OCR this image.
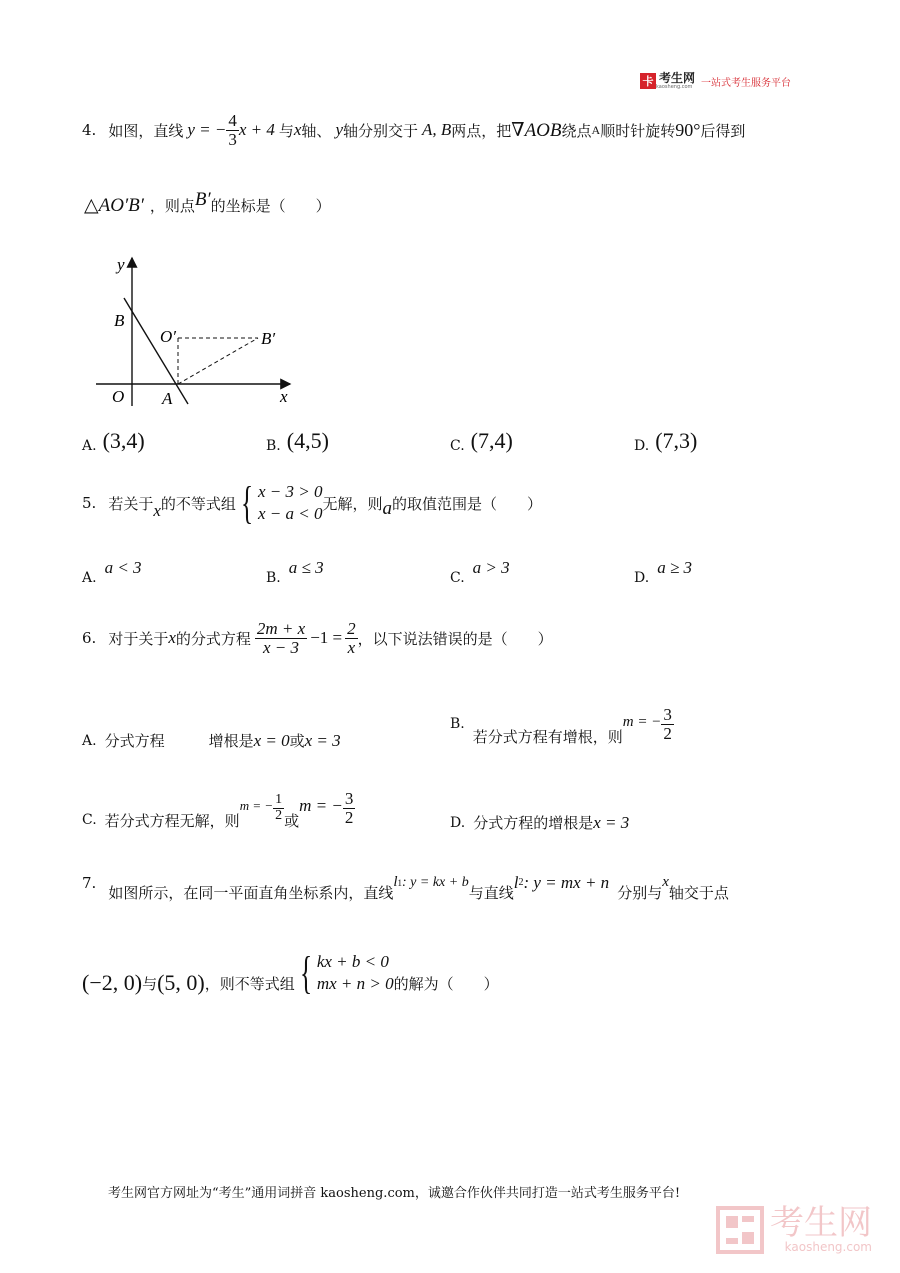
卡 考生网
kaosheng.com 一站式考生服务平台
4. 如图，直线 y = − $\frac{4}{3}$ x + 4 与 x 轴、 y 轴分别交于 A, B 两点，把 ∇AOB 绕点 A 顺时针旋转 90° 后得到
△AO′B′ ，则点 B′ 的坐标是（　　）
y
x
O A
B
O′	B′
A. (3,4)	B. (4,5)	C. (7,4)	D. (7,3)
5. 若关于 x 的不等式组 { x − 3 > 0
x − a < 0
无解，则 a 的取值范围是（　　）
A.
a < 3
B.
a ≤ 3
C.
a > 3
D.
a ≥ 3
6. 对于关于 x 的分式方程 $\frac{2m + x}{x - 3} -1 = \frac{2}{x}$ ，以下说法错误的是（　　）
A. 分式方程	增根是 x = 0 或 x = 3
B.
若分式方程有增根，则
m = − $\frac{3}{2}$
C. 若分式方程无解，则
m = − $\frac{1}{2}$ 或
m = − $\frac{3}{2}$	D. 分式方程的增根是 x = 3
7.
如图所示，在同一平面直角坐标系内，直线
l 1 : y = kx + b
与直线
l 2 : y = mx + n
分别与
x
轴交于点
(−2, 0) 与 (5, 0) ，则不等式组 { kx + b < 0
mx + n > 0 的解为（　　）
考生网官方网址为“考生”通用词拼音 kaosheng.com，诚邀合作伙伴共同打造一站式考生服务平台!
考生网
kaosheng.com
